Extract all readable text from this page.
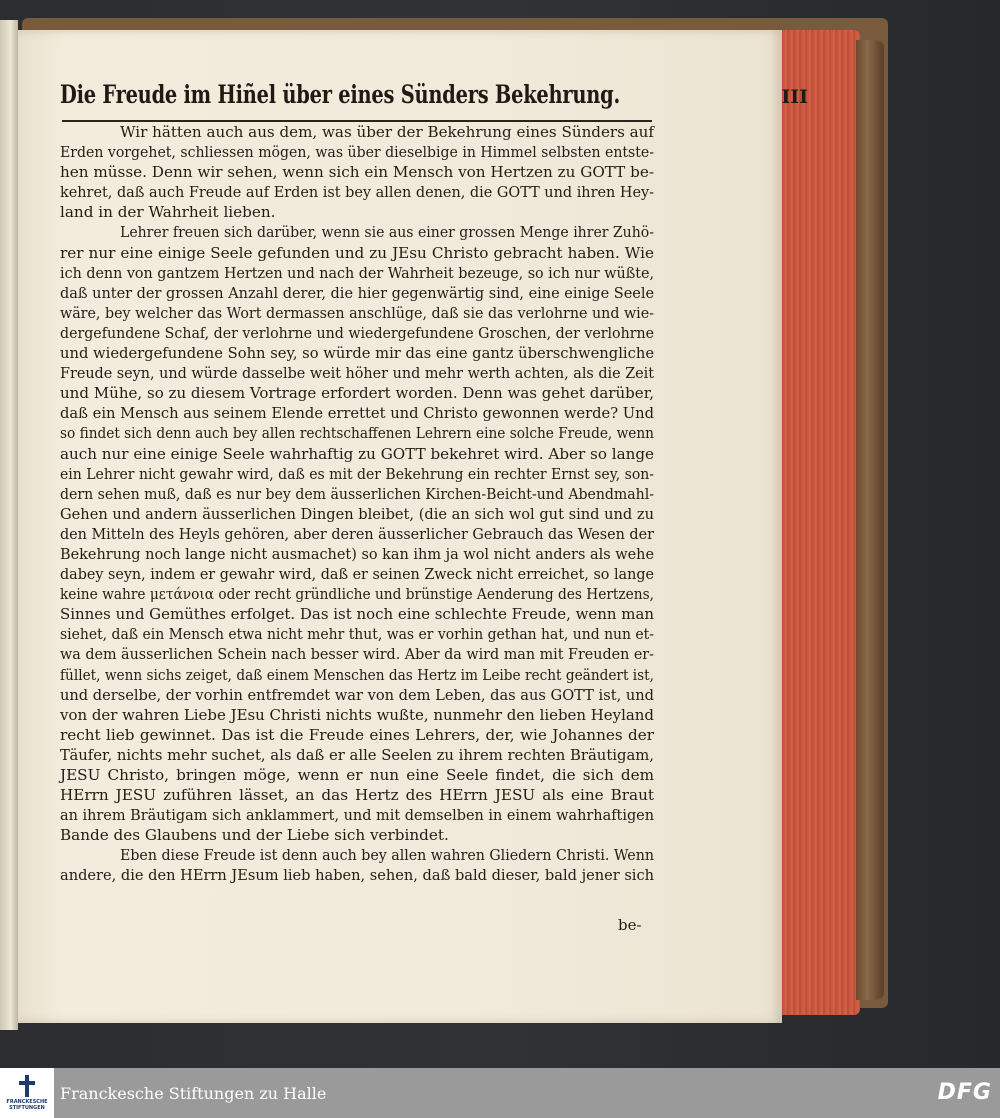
Die Freude im Hiñel über eines Sünders Bekehrung.	III
Wir hätten auch aus dem, was über der Bekehrung eines Sünders auf
Erden vorgehet, schliessen mögen, was über dieselbige in Himmel selbsten entste-
hen müsse. Denn wir sehen, wenn sich ein Mensch von Hertzen zu GOTT be-
kehret, daß auch Freude auf Erden ist bey allen denen, die GOTT und ihren Hey-
land in der Wahrheit lieben.
Lehrer freuen sich darüber, wenn sie aus einer grossen Menge ihrer Zuhö-
rer nur eine einige Seele gefunden und zu JEsu Christo gebracht haben. Wie
ich denn von gantzem Hertzen und nach der Wahrheit bezeuge, so ich nur wüßte,
daß unter der grossen Anzahl derer, die hier gegenwärtig sind, eine einige Seele
wäre, bey welcher das Wort dermassen anschlüge, daß sie das verlohrne und wie-
dergefundene Schaf, der verlohrne und wiedergefundene Groschen, der verlohrne
und wiedergefundene Sohn sey, so würde mir das eine gantz überschwengliche
Freude seyn, und würde dasselbe weit höher und mehr werth achten, als die Zeit
und Mühe, so zu diesem Vortrage erfordert worden. Denn was gehet darüber,
daß ein Mensch aus seinem Elende errettet und Christo gewonnen werde? Und
so findet sich denn auch bey allen rechtschaffenen Lehrern eine solche Freude, wenn
auch nur eine einige Seele wahrhaftig zu GOTT bekehret wird. Aber so lange
ein Lehrer nicht gewahr wird, daß es mit der Bekehrung ein rechter Ernst sey, son-
dern sehen muß, daß es nur bey dem äusserlichen Kirchen-Beicht-und Abendmahl-
Gehen und andern äusserlichen Dingen bleibet, (die an sich wol gut sind und zu
den Mitteln des Heyls gehören, aber deren äusserlicher Gebrauch das Wesen der
Bekehrung noch lange nicht ausmachet) so kan ihm ja wol nicht anders als wehe
dabey seyn, indem er gewahr wird, daß er seinen Zweck nicht erreichet, so lange
keine wahre μετάνοια oder recht gründliche und brünstige Aenderung des Hertzens,
Sinnes und Gemüthes erfolget. Das ist noch eine schlechte Freude, wenn man
siehet, daß ein Mensch etwa nicht mehr thut, was er vorhin gethan hat, und nun et-
wa dem äusserlichen Schein nach besser wird. Aber da wird man mit Freuden er-
füllet, wenn sichs zeiget, daß einem Menschen das Hertz im Leibe recht geändert ist,
und derselbe, der vorhin entfremdet war von dem Leben, das aus GOTT ist, und
von der wahren Liebe JEsu Christi nichts wußte, nunmehr den lieben Heyland
recht lieb gewinnet. Das ist die Freude eines Lehrers, der, wie Johannes der
Täufer, nichts mehr suchet, als daß er alle Seelen zu ihrem rechten Bräutigam,
JESU Christo, bringen möge, wenn er nun eine Seele findet, die sich dem
HErrn JESU zuführen lässet, an das Hertz des HErrn JESU als eine Braut
an ihrem Bräutigam sich anklammert, und mit demselben in einem wahrhaftigen
Bande des Glaubens und der Liebe sich verbindet.
Eben diese Freude ist denn auch bey allen wahren Gliedern Christi. Wenn
andere, die den HErrn JEsum lieb haben, sehen, daß bald dieser, bald jener sich
be-
FRANCKESCHE STIFTUNGEN
Franckesche Stiftungen zu Halle	DFG
